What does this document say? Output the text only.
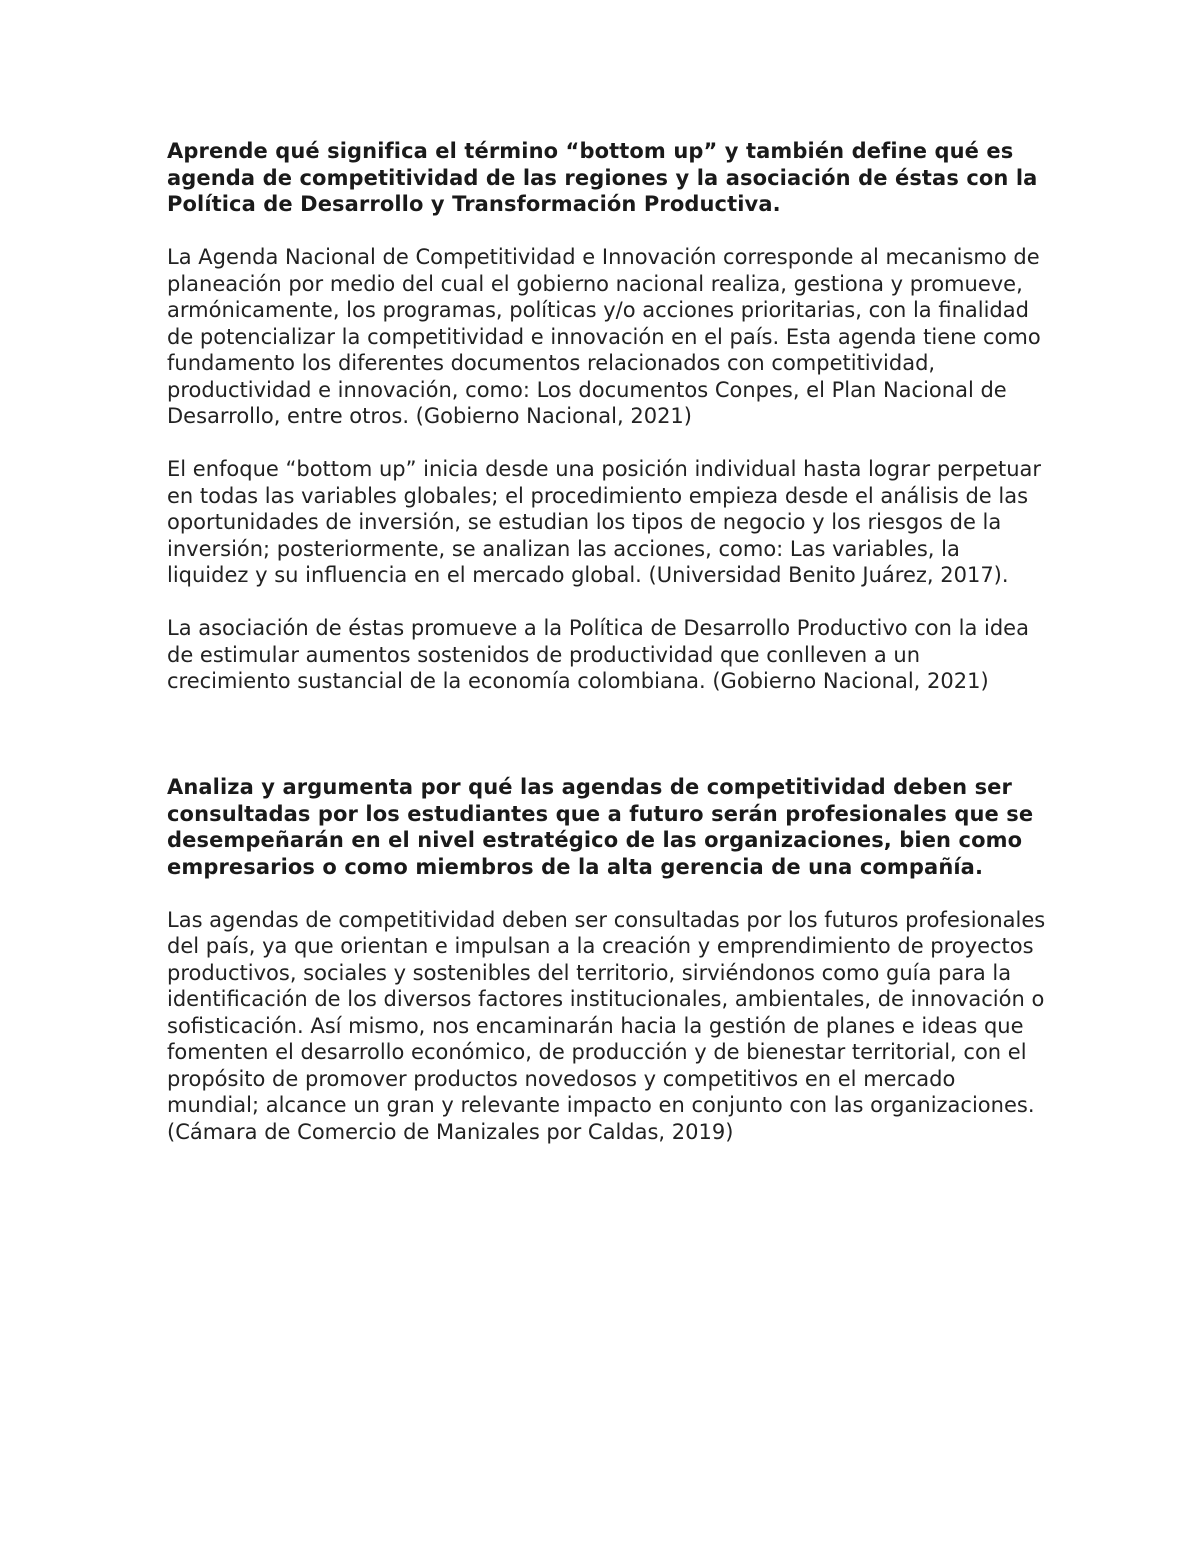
Aprende qué significa el término “bottom up” y también define qué es agenda de competitividad de las regiones y la asociación de éstas con la Política de Desarrollo y Transformación Productiva.

La Agenda Nacional de Competitividad e Innovación corresponde al mecanismo de planeación por medio del cual el gobierno nacional realiza, gestiona y promueve, armónicamente, los programas, políticas y/o acciones prioritarias, con la finalidad de potencializar la competitividad e innovación en el país. Esta agenda tiene como fundamento los diferentes documentos relacionados con competitividad, productividad e innovación, como: Los documentos Conpes, el Plan Nacional de Desarrollo, entre otros. (Gobierno Nacional, 2021)

El enfoque “bottom up” inicia desde una posición individual hasta lograr perpetuar en todas las variables globales; el procedimiento empieza desde el análisis de las oportunidades de inversión, se estudian los tipos de negocio y los riesgos de la inversión; posteriormente, se analizan las acciones, como: Las variables, la liquidez y su influencia en el mercado global. (Universidad Benito Juárez, 2017).

La asociación de éstas promueve a la Política de Desarrollo Productivo con la idea de estimular aumentos sostenidos de productividad que conlleven a un crecimiento sustancial de la economía colombiana. (Gobierno Nacional, 2021)

Analiza y argumenta por qué las agendas de competitividad deben ser consultadas por los estudiantes que a futuro serán profesionales que se desempeñarán en el nivel estratégico de las organizaciones, bien como empresarios o como miembros de la alta gerencia de una compañía.

Las agendas de competitividad deben ser consultadas por los futuros profesionales del país, ya que orientan e impulsan a la creación y emprendimiento de proyectos productivos, sociales y sostenibles del territorio, sirviéndonos como guía para la identificación de los diversos factores institucionales, ambientales, de innovación o sofisticación. Así mismo, nos encaminarán hacia la gestión de planes e ideas que fomenten el desarrollo económico, de producción y de bienestar territorial, con el propósito de promover productos novedosos y competitivos en el mercado mundial; alcance un gran y relevante impacto en conjunto con las organizaciones. (Cámara de Comercio de Manizales por Caldas, 2019)
